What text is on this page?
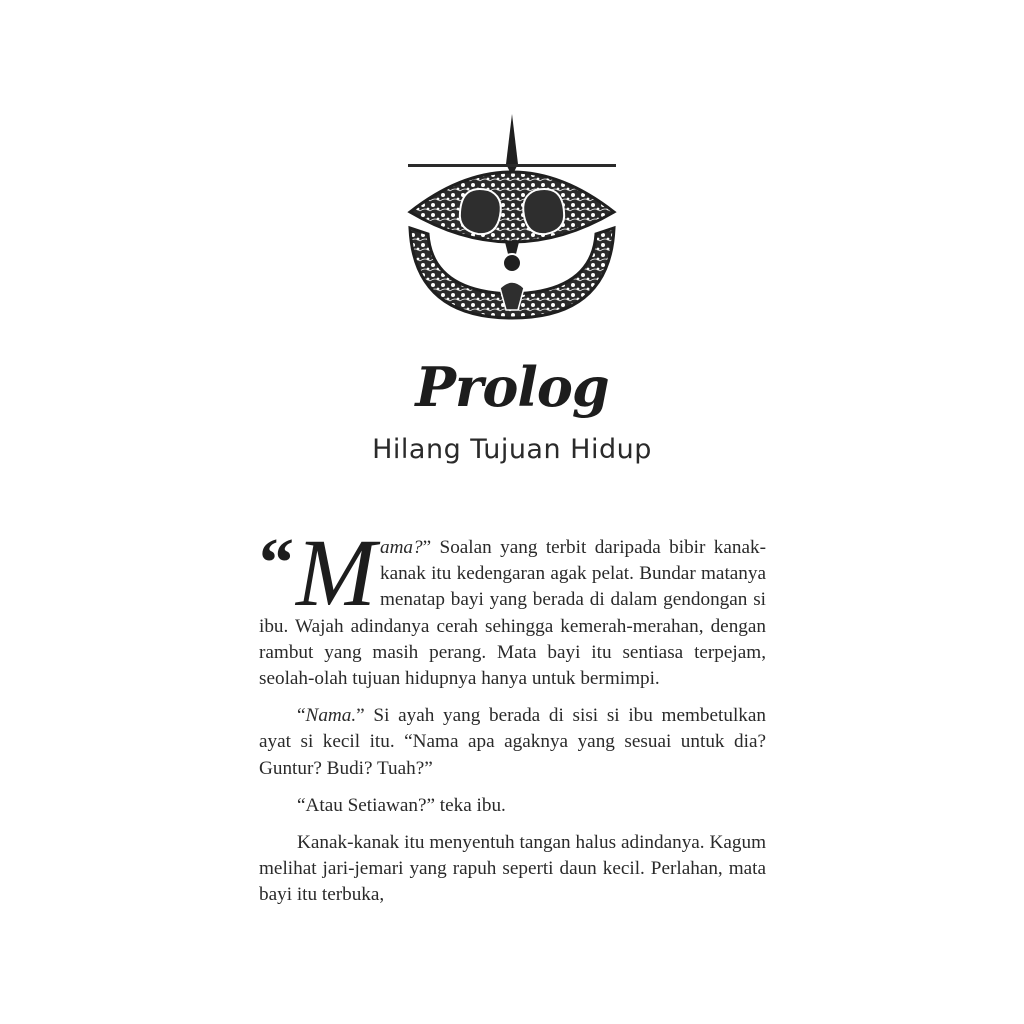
Prolog
Hilang Tujuan Hidup

“ M ama?” Soalan yang terbit daripada bibir kanak-kanak itu kedengaran agak pelat. Bundar matanya menatap bayi yang berada di dalam gendongan si ibu. Wajah adindanya cerah sehingga kemerah-merahan, dengan rambut yang masih perang. Mata bayi itu sentiasa terpejam, seolah-olah tujuan hidupnya hanya untuk bermimpi.

“Nama.” Si ayah yang berada di sisi si ibu membetulkan ayat si kecil itu. “Nama apa agaknya yang sesuai untuk dia? Guntur? Budi? Tuah?”

“Atau Setiawan?” teka ibu.

Kanak-kanak itu menyentuh tangan halus adindanya. Kagum melihat jari-jemari yang rapuh seperti daun kecil. Perlahan, mata bayi itu terbuka,
